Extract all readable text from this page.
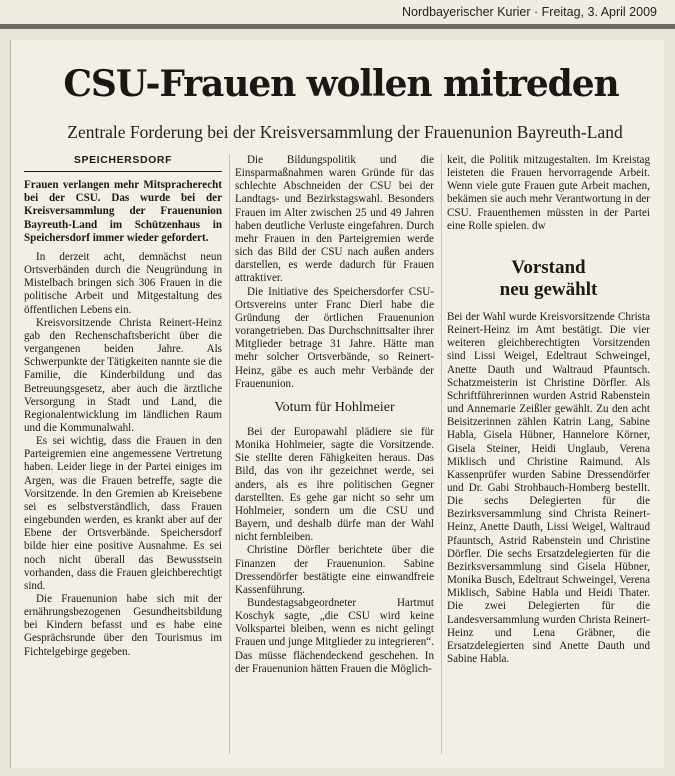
Nordbayerischer Kurier · Freitag, 3. April 2009
CSU-Frauen wollen mitreden
Zentrale Forderung bei der Kreisversammlung der Frauenunion Bayreuth-Land
SPEICHERSDORF

Frauen verlangen mehr Mitspracherecht bei der CSU. Das wurde bei der Kreisversammlung der Frauenunion Bayreuth-Land im Schützenhaus in Speichersdorf immer wieder gefordert.

In derzeit acht, demnächst neun Ortsverbänden durch die Neugründung in Mistelbach bringen sich 306 Frauen in die politische Arbeit und Mitgestaltung des öffentlichen Lebens ein.

Kreisvorsitzende Christa Reinert-Heinz gab den Rechenschaftsbericht über die vergangenen beiden Jahre. Als Schwerpunkte der Tätigkeiten nannte sie die Familie, die Kinderbildung und das Betreuungsgesetz, aber auch die ärztliche Versorgung in Stadt und Land, die Regionalentwicklung im ländlichen Raum und die Kommunalwahl.

Es sei wichtig, dass die Frauen in den Parteigremien eine angemessene Vertretung haben. Leider liege in der Partei einiges im Argen, was die Frauen betreffe, sagte die Vorsitzende. In den Gremien ab Kreisebene sei es selbstverständlich, dass Frauen eingebunden werden, es krankt aber auf der Ebene der Ortsverbände. Speichersdorf bilde hier eine positive Ausnahme. Es sei noch nicht überall das Bewusstsein vorhanden, dass die Frauen gleichberechtigt sind.

Die Frauenunion habe sich mit der ernährungsbezogenen Gesundheitsbildung bei Kindern befasst und es habe eine Gesprächsrunde über den Tourismus im Fichtelgebirge gegeben.

Die Bildungspolitik und die Einsparmaßnahmen waren Gründe für das schlechte Abschneiden der CSU bei der Landtags- und Bezirkstagswahl. Besonders Frauen im Alter zwischen 25 und 49 Jahren haben deutliche Verluste eingefahren. Durch mehr Frauen in den Parteigremien werde sich das Bild der CSU nach außen anders darstellen, es werde dadurch für Frauen attraktiver.

Die Initiative des Speichersdorfer CSU-Ortsvereins unter Franc Dierl habe die Gründung der örtlichen Frauenunion vorangetrieben. Das Durchschnittsalter ihrer Mitglieder betrage 31 Jahre. Hätte man mehr solcher Ortsverbände, so Reinert-Heinz, gäbe es auch mehr Verbände der Frauenunion.

Votum für Hohlmeier

Bei der Europawahl plädiere sie für Monika Hohlmeier, sagte die Vorsitzende. Sie stellte deren Fähigkeiten heraus. Das Bild, das von ihr gezeichnet werde, sei anders, als es ihre politischen Gegner darstellten. Es gehe gar nicht so sehr um Hohlmeier, sondern um die CSU und Bayern, und deshalb dürfe man der Wahl nicht fernbleiben.

Christine Dörfler berichtete über die Finanzen der Frauenunion. Sabine Dressendörfer bestätigte eine einwandfreie Kassenführung.

Bundestagsabgeordneter Hartmut Koschyk sagte, „die CSU wird keine Volkspartei bleiben, wenn es nicht gelingt Frauen und junge Mitglieder zu integrieren“. Das müsse flächendeckend geschehen. In der Frauenunion hätten Frauen die Möglich-

keit, die Politik mitzugestalten. Im Kreistag leisteten die Frauen hervorragende Arbeit. Wenn viele gute Frauen gute Arbeit machen, bekämen sie auch mehr Verantwortung in der CSU. Frauenthemen müssten in der Partei eine Rolle spielen. dw

Vorstand
neu gewählt

Bei der Wahl wurde Kreisvorsitzende Christa Reinert-Heinz im Amt bestätigt. Die vier weiteren gleichberechtigten Vorsitzenden sind Lissi Weigel, Edeltraut Schweingel, Anette Dauth und Waltraud Pfauntsch. Schatzmeisterin ist Christine Dörfler. Als Schriftführerinnen wurden Astrid Rabenstein und Annemarie Zeißler gewählt. Zu den acht Beisitzerinnen zählen Katrin Lang, Sabine Habla, Gisela Hübner, Hannelore Körner, Gisela Steiner, Heidi Unglaub, Verena Miklisch und Christine Raimund. Als Kassenprüfer wurden Sabine Dressendörfer und Dr. Gabi Strohbauch-Homberg bestellt. Die sechs Delegierten für die Bezirksversammlung sind Christa Reinert-Heinz, Anette Dauth, Lissi Weigel, Waltraud Pfauntsch, Astrid Rabenstein und Christine Dörfler. Die sechs Ersatzdelegierten für die Bezirksversammlung sind Gisela Hübner, Monika Busch, Edeltraut Schweingel, Verena Miklisch, Sabine Habla und Heidi Thater. Die zwei Delegierten für die Landesversammlung wurden Christa Reinert-Heinz und Lena Gräbner, die Ersatzdelegierten sind Anette Dauth und Sabine Habla.
